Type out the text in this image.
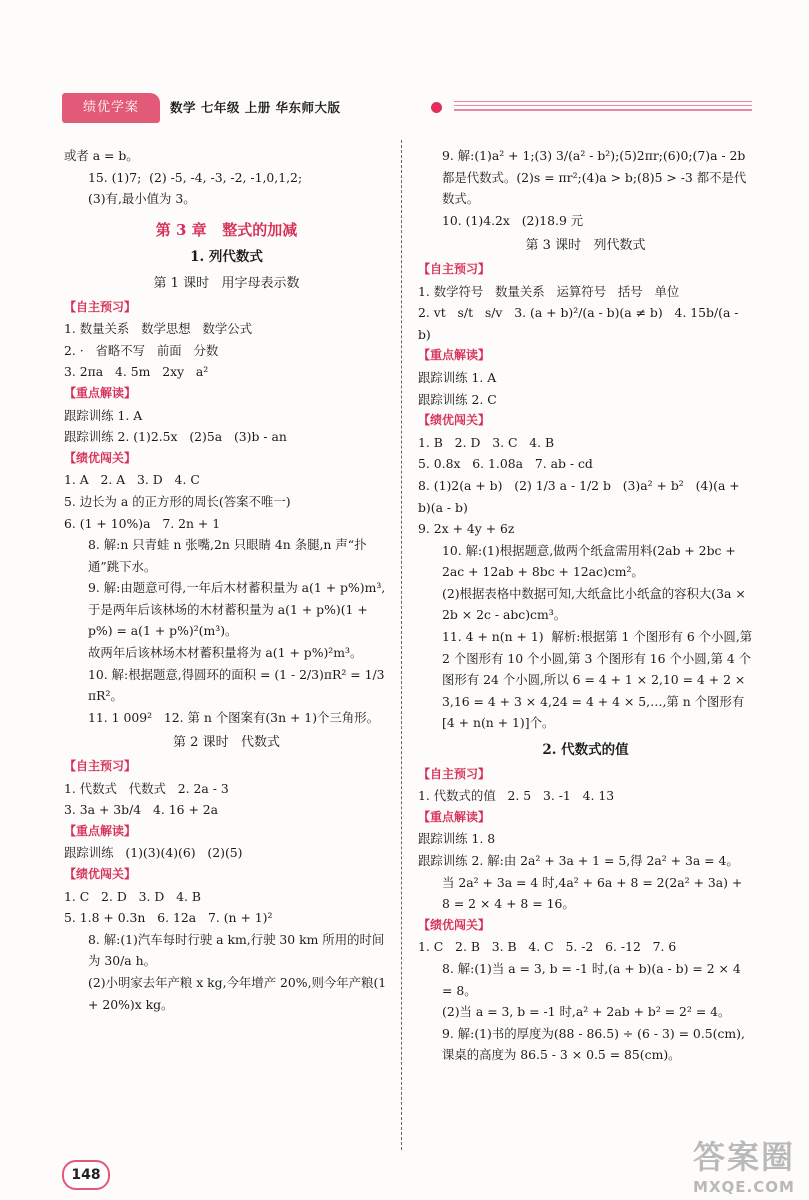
绩优学案	数学 七年级 上册 华东师大版
或者 a = b。
15. (1)7;  (2) -5, -4, -3, -2, -1,0,1,2;
(3)有,最小值为 3。
第 3 章   整式的加减
1. 列代数式
第 1 课时   用字母表示数
【自主预习】
1. 数量关系   数学思想   数学公式
2. ·   省略不写   前面   分数
3. 2πa   4. 5m   2xy   a²
【重点解读】
跟踪训练 1. A
跟踪训练 2. (1)2.5x   (2)5a   (3)b - an
【绩优闯关】
1. A   2. A   3. D   4. C
5. 边长为 a 的正方形的周长(答案不唯一)
6. (1 + 10%)a   7. 2n + 1
8. 解:n 只青蛙 n 张嘴,2n 只眼睛 4n 条腿,n 声“扑通”跳下水。
9. 解:由题意可得,一年后木材蓄积量为 a(1 + p%)m³,于是两年后该林场的木材蓄积量为 a(1 + p%)(1 + p%) = a(1 + p%)²(m³)。
故两年后该林场木材蓄积量将为 a(1 + p%)²m³。
10. 解:根据题意,得圆环的面积 = (1 - 2/3)πR² = 1/3 πR²。
11. 1 009²   12. 第 n 个图案有(3n + 1)个三角形。
第 2 课时   代数式
【自主预习】
1. 代数式   代数式   2. 2a - 3
3. 3a + 3b/4   4. 16 + 2a
【重点解读】
跟踪训练   (1)(3)(4)(6)   (2)(5)
【绩优闯关】
1. C   2. D   3. D   4. B
5. 1.8 + 0.3n   6. 12a   7. (n + 1)²
8. 解:(1)汽车每时行驶 a km,行驶 30 km 所用的时间为 30/a h。
(2)小明家去年产粮 x kg,今年增产 20%,则今年产粮(1 + 20%)x kg。
9. 解:(1)a² + 1;(3) 3/(a² - b²);(5)2πr;(6)0;(7)a - 2b 都是代数式。(2)s = πr²;(4)a > b;(8)5 > -3 都不是代数式。
10. (1)4.2x   (2)18.9 元
第 3 课时   列代数式
【自主预习】
1. 数学符号   数量关系   运算符号   括号   单位
2. vt   s/t   s/v   3. (a + b)²/(a - b)(a ≠ b)   4. 15b/(a - b)
【重点解读】
跟踪训练 1. A
跟踪训练 2. C
【绩优闯关】
1. B   2. D   3. C   4. B
5. 0.8x   6. 1.08a   7. ab - cd
8. (1)2(a + b)   (2) 1/3 a - 1/2 b   (3)a² + b²   (4)(a + b)(a - b)
9. 2x + 4y + 6z
10. 解:(1)根据题意,做两个纸盒需用料(2ab + 2bc + 2ac + 12ab + 8bc + 12ac)cm²。
(2)根据表格中数据可知,大纸盒比小纸盒的容积大(3a × 2b × 2c - abc)cm³。
11. 4 + n(n + 1)  解析:根据第 1 个图形有 6 个小圆,第 2 个图形有 10 个小圆,第 3 个图形有 16 个小圆,第 4 个图形有 24 个小圆,所以 6 = 4 + 1 × 2,10 = 4 + 2 × 3,16 = 4 + 3 × 4,24 = 4 + 4 × 5,…,第 n 个图形有[4 + n(n + 1)]个。
2. 代数式的值
【自主预习】
1. 代数式的值   2. 5   3. -1   4. 13
【重点解读】
跟踪训练 1. 8
跟踪训练 2. 解:由 2a² + 3a + 1 = 5,得 2a² + 3a = 4。
当 2a² + 3a = 4 时,4a² + 6a + 8 = 2(2a² + 3a) + 8 = 2 × 4 + 8 = 16。
【绩优闯关】
1. C   2. B   3. B   4. C   5. -2   6. -12   7. 6
8. 解:(1)当 a = 3, b = -1 时,(a + b)(a - b) = 2 × 4 = 8。
(2)当 a = 3, b = -1 时,a² + 2ab + b² = 2² = 4。
9. 解:(1)书的厚度为(88 - 86.5) ÷ (6 - 3) = 0.5(cm),课桌的高度为 86.5 - 3 × 0.5 = 85(cm)。
148	答案圈
MXQE.COM
